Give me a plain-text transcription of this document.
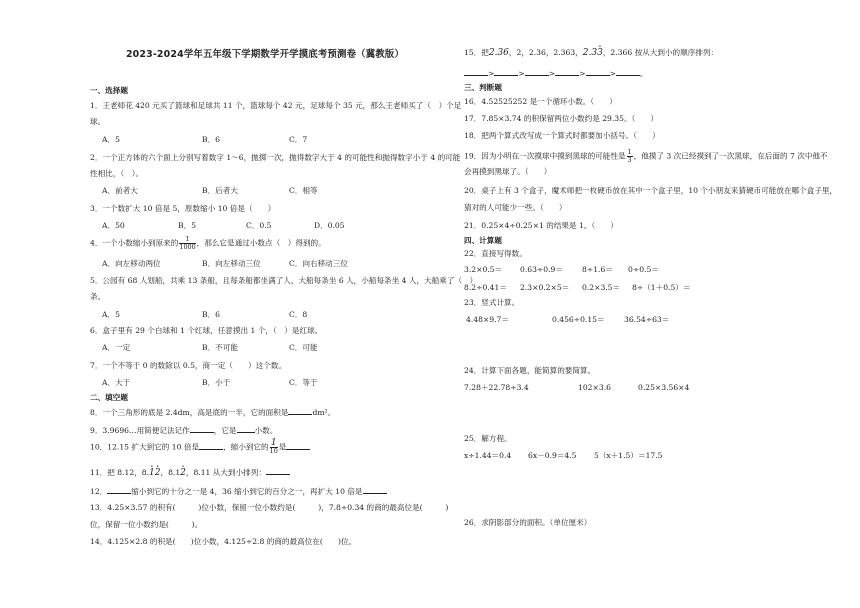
2023-2024学年五年级下学期数学开学摸底考预测卷（冀教版）
一、选择题
1．王老师花 420 元买了篮球和足球共 11 个，篮球每个 42 元，足球每个 35 元，那么王老师买了（　）个足
球。
A．5	B．6	C．7
2．一个正方体的六个面上分别写着数字 1～6，抛掷一次，抛得数字大于 4 的可能性和抛得数字小于 4 的可能
性相比，（　）。
A．前者大	B．后者大	C．相等
3．一个数扩大 10 倍是 5，原数缩小 10 倍是（　　）
A．50	B．5	C．0.5	D．0.05
4．一个小数缩小到原来的 $\frac{1}{1000}$ ，那么它是通过小数点（　）得到的。
A．向左移动两位	B．向左移动三位	C．向右移动三位
5．公园有 68 人划船，共乘 13 条船，且每条船都坐满了人，大船每条坐 6 人，小船每条坐 4 人，大船乘了（　）
条。
A．5	B．6	C．8
6．盒子里有 29 个白球和 1 个红球，任意摸出 1 个，（　）是红球。
A．一定	B．不可能	C．可能
7．一个不等于 0 的数除以 0.5，商一定（　　）这个数。
A．大于	B．小于	C．等于
二、填空题
8．一个三角形的底是 2.4dm，高是底的一半，它的面积是	dm²。
9．3.9696…用简便记法记作	，它是 小数。
10．12.15 扩大到它的 10 倍是	，缩小到它的 $\frac{1}{10}$ 是
11．把 8.12，8.• 1• 2，8.1• 2，8.11 从大到小排列：
12．	缩小到它的十分之一是 4，36 缩小到它的百分之一，再扩大 10 倍是
13．4.25×3.57 的积有(　　　)位小数，保留一位小数约是(　　　)，7.8÷0.34 的商的最高位是(　　　)
位，保留一位小数约是(　　　)。
14．4.125×2.8 的积是(　　)位小数，4.125÷2.8 的商的最高位在(　　)位。
15．把2.36，2，2.36，2.363，2.3• 3，2.366 按从大到小的顺序排列：
>	>	>	>	>	。
三、判断题
16．4.52525252 是一个循环小数。（　　）
17．7.85×3.74 的积保留两位小数约是 29.35。（　　）
18．把两个算式改写成一个算式时都要加小括号。（　　）
19．因为小明在一次摸球中摸到黑球的可能性是 $\frac{1}{3}$ ，他摸了 3 次已经摸到了一次黑球，在后面的 7 次中他不
会再摸到黑球了。（　　）
20．桌子上有 3 个盒子，魔术师把一枚硬币放在其中一个盒子里，10 个小朋友来猜硬币可能放在哪个盒子里，
猜对的人可能少一些。（　　）
21．0.25×4÷0.25×1 的结果是 1。（　　）
四、计算题
22．直接写得数。
3.2×0.5＝ 0.63÷0.9＝	8÷1.6＝ 0÷0.5＝
8.2÷0.41＝ 2.3×0.2×5＝ 0.2×3.5＝ 8÷（1＋0.5）＝
23．竖式计算。
4.48×9.7＝	0.456÷0.15＝	36.54÷63＝
24．计算下面各题，能简算的要简算。
7.28＋22.78÷3.4	102×3.6	0.25×3.56×4
25．解方程。
x÷1.44＝0.4 6x－0.9＝4.5 5（x＋1.5）＝17.5
26．求阴影部分的面积。（单位厘米）
